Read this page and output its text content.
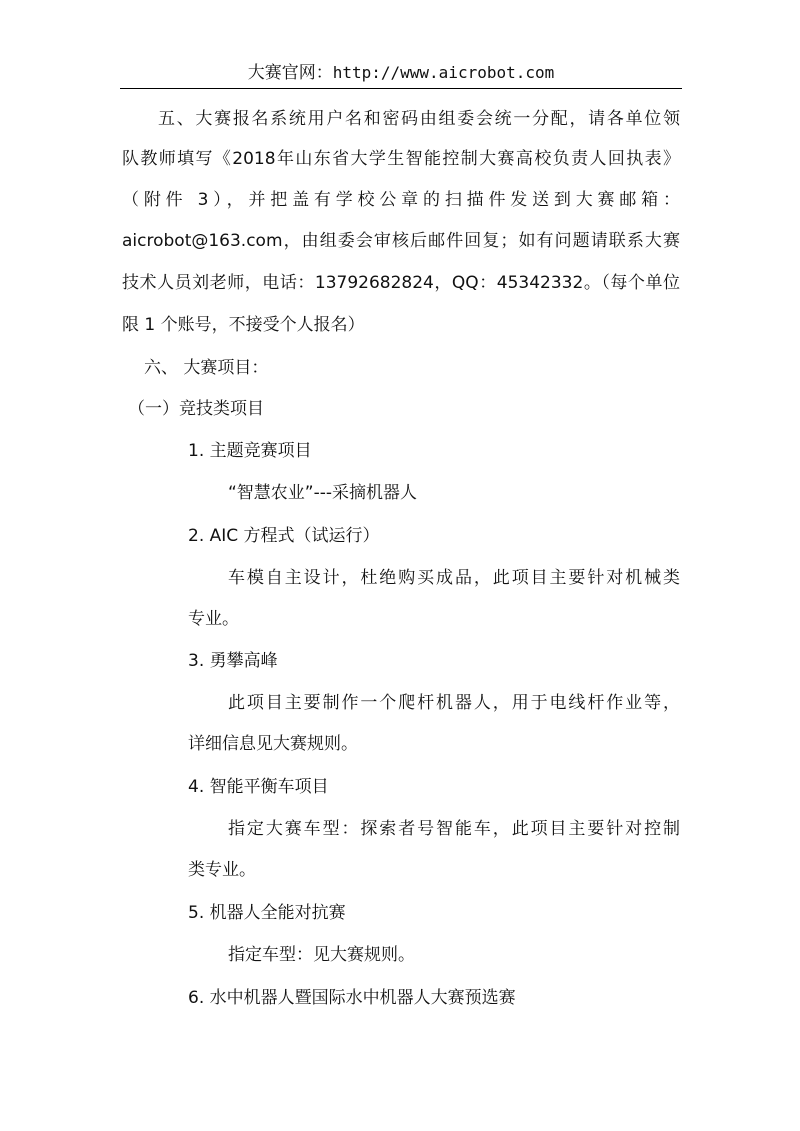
大赛官网：http://www.aicrobot.com
五、大赛报名系统用户名和密码由组委会统一分配，请各单位领
队教师填写《2018年山东省大学生智能控制大赛高校负责人回执表》
（附件 3），并把盖有学校公章的扫描件发送到大赛邮箱：
aicrobot@163.com，由组委会审核后邮件回复；如有问题请联系大赛
技术人员刘老师，电话：13792682824，QQ：45342332。（每个单位
限 1 个账号，不接受个人报名）
六、 大赛项目：
（一）竞技类项目
1. 主题竞赛项目
“智慧农业”---采摘机器人
2. AIC 方程式（试运行）
车模自主设计，杜绝购买成品，此项目主要针对机械类
专业。
3. 勇攀高峰
此项目主要制作一个爬杆机器人，用于电线杆作业等，
详细信息见大赛规则。
4. 智能平衡车项目
指定大赛车型：探索者号智能车，此项目主要针对控制
类专业。
5. 机器人全能对抗赛
指定车型：见大赛规则。
6. 水中机器人暨国际水中机器人大赛预选赛
